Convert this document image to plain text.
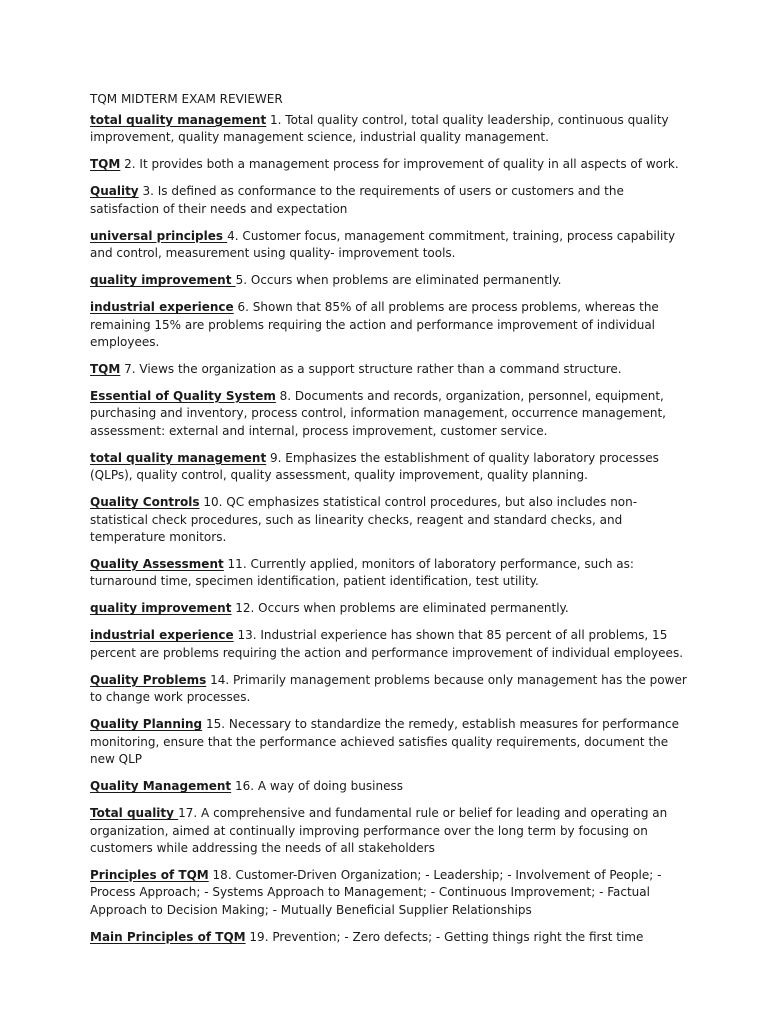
TQM MIDTERM EXAM REVIEWER

total quality management 1. Total quality control, total quality leadership, continuous quality improvement, quality management science, industrial quality management.

TQM 2. It provides both a management process for improvement of quality in all aspects of work.

Quality 3. Is defined as conformance to the requirements of users or customers and the satisfaction of their needs and expectation

universal principles 4. Customer focus, management commitment, training, process capability and control, measurement using quality- improvement tools.

quality improvement 5. Occurs when problems are eliminated permanently.

industrial experience 6. Shown that 85% of all problems are process problems, whereas the remaining 15% are problems requiring the action and performance improvement of individual employees.

TQM 7. Views the organization as a support structure rather than a command structure.

Essential of Quality System 8. Documents and records, organization, personnel, equipment, purchasing and inventory, process control, information management, occurrence management, assessment: external and internal, process improvement, customer service.

total quality management 9. Emphasizes the establishment of quality laboratory processes (QLPs), quality control, quality assessment, quality improvement, quality planning.

Quality Controls 10. QC emphasizes statistical control procedures, but also includes non-statistical check procedures, such as linearity checks, reagent and standard checks, and temperature monitors.

Quality Assessment 11. Currently applied, monitors of laboratory performance, such as: turnaround time, specimen identification, patient identification, test utility.

quality improvement 12. Occurs when problems are eliminated permanently.

industrial experience 13. Industrial experience has shown that 85 percent of all problems, 15 percent are problems requiring the action and performance improvement of individual employees.

Quality Problems 14. Primarily management problems because only management has the power to change work processes.

Quality Planning 15. Necessary to standardize the remedy, establish measures for performance monitoring, ensure that the performance achieved satisfies quality requirements, document the new QLP

Quality Management 16. A way of doing business

Total quality 17. A comprehensive and fundamental rule or belief for leading and operating an organization, aimed at continually improving performance over the long term by focusing on customers while addressing the needs of all stakeholders

Principles of TQM 18. Customer-Driven Organization; - Leadership; - Involvement of People; - Process Approach; - Systems Approach to Management; - Continuous Improvement; - Factual Approach to Decision Making; - Mutually Beneficial Supplier Relationships

Main Principles of TQM 19. Prevention; - Zero defects; - Getting things right the first time
